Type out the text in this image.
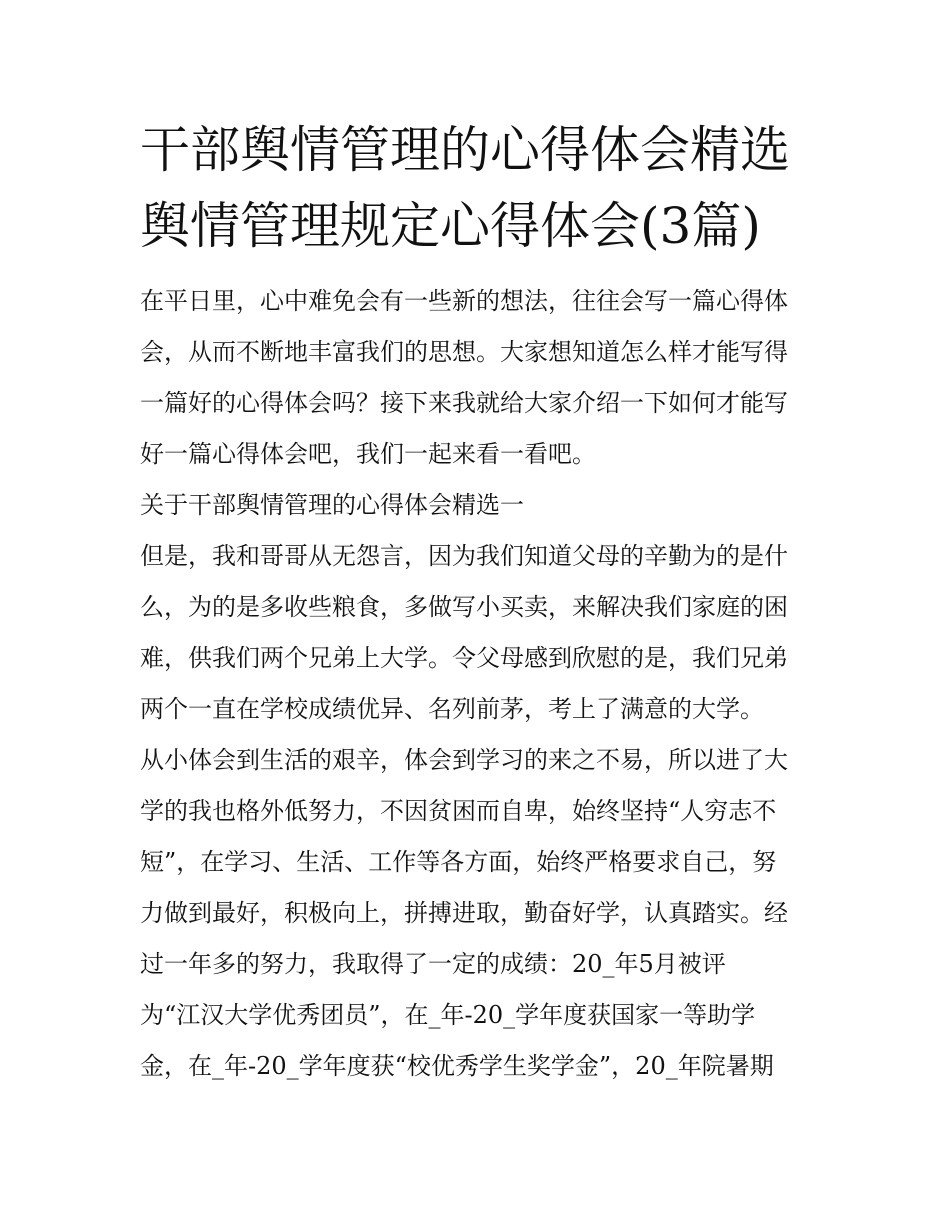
干部舆情管理的心得体会精选
舆情管理规定心得体会(3篇)
在平日里，心中难免会有一些新的想法，往往会写一篇心得体
会，从而不断地丰富我们的思想。大家想知道怎么样才能写得
一篇好的心得体会吗？接下来我就给大家介绍一下如何才能写
好一篇心得体会吧，我们一起来看一看吧。
关于干部舆情管理的心得体会精选一
但是，我和哥哥从无怨言，因为我们知道父母的辛勤为的是什
么，为的是多收些粮食，多做写小买卖，来解决我们家庭的困
难，供我们两个兄弟上大学。令父母感到欣慰的是，我们兄弟
两个一直在学校成绩优异、名列前茅，考上了满意的大学。
从小体会到生活的艰辛，体会到学习的来之不易，所以进了大
学的我也格外低努力，不因贫困而自卑，始终坚持“人穷志不
短”，在学习、生活、工作等各方面，始终严格要求自己，努
力做到最好，积极向上，拼搏进取，勤奋好学，认真踏实。经
过一年多的努力，我取得了一定的成绩：20_年5月被评
为“江汉大学优秀团员”，在_年-20_学年度获国家一等助学
金，在_年-20_学年度获“校优秀学生奖学金”，20_年院暑期
